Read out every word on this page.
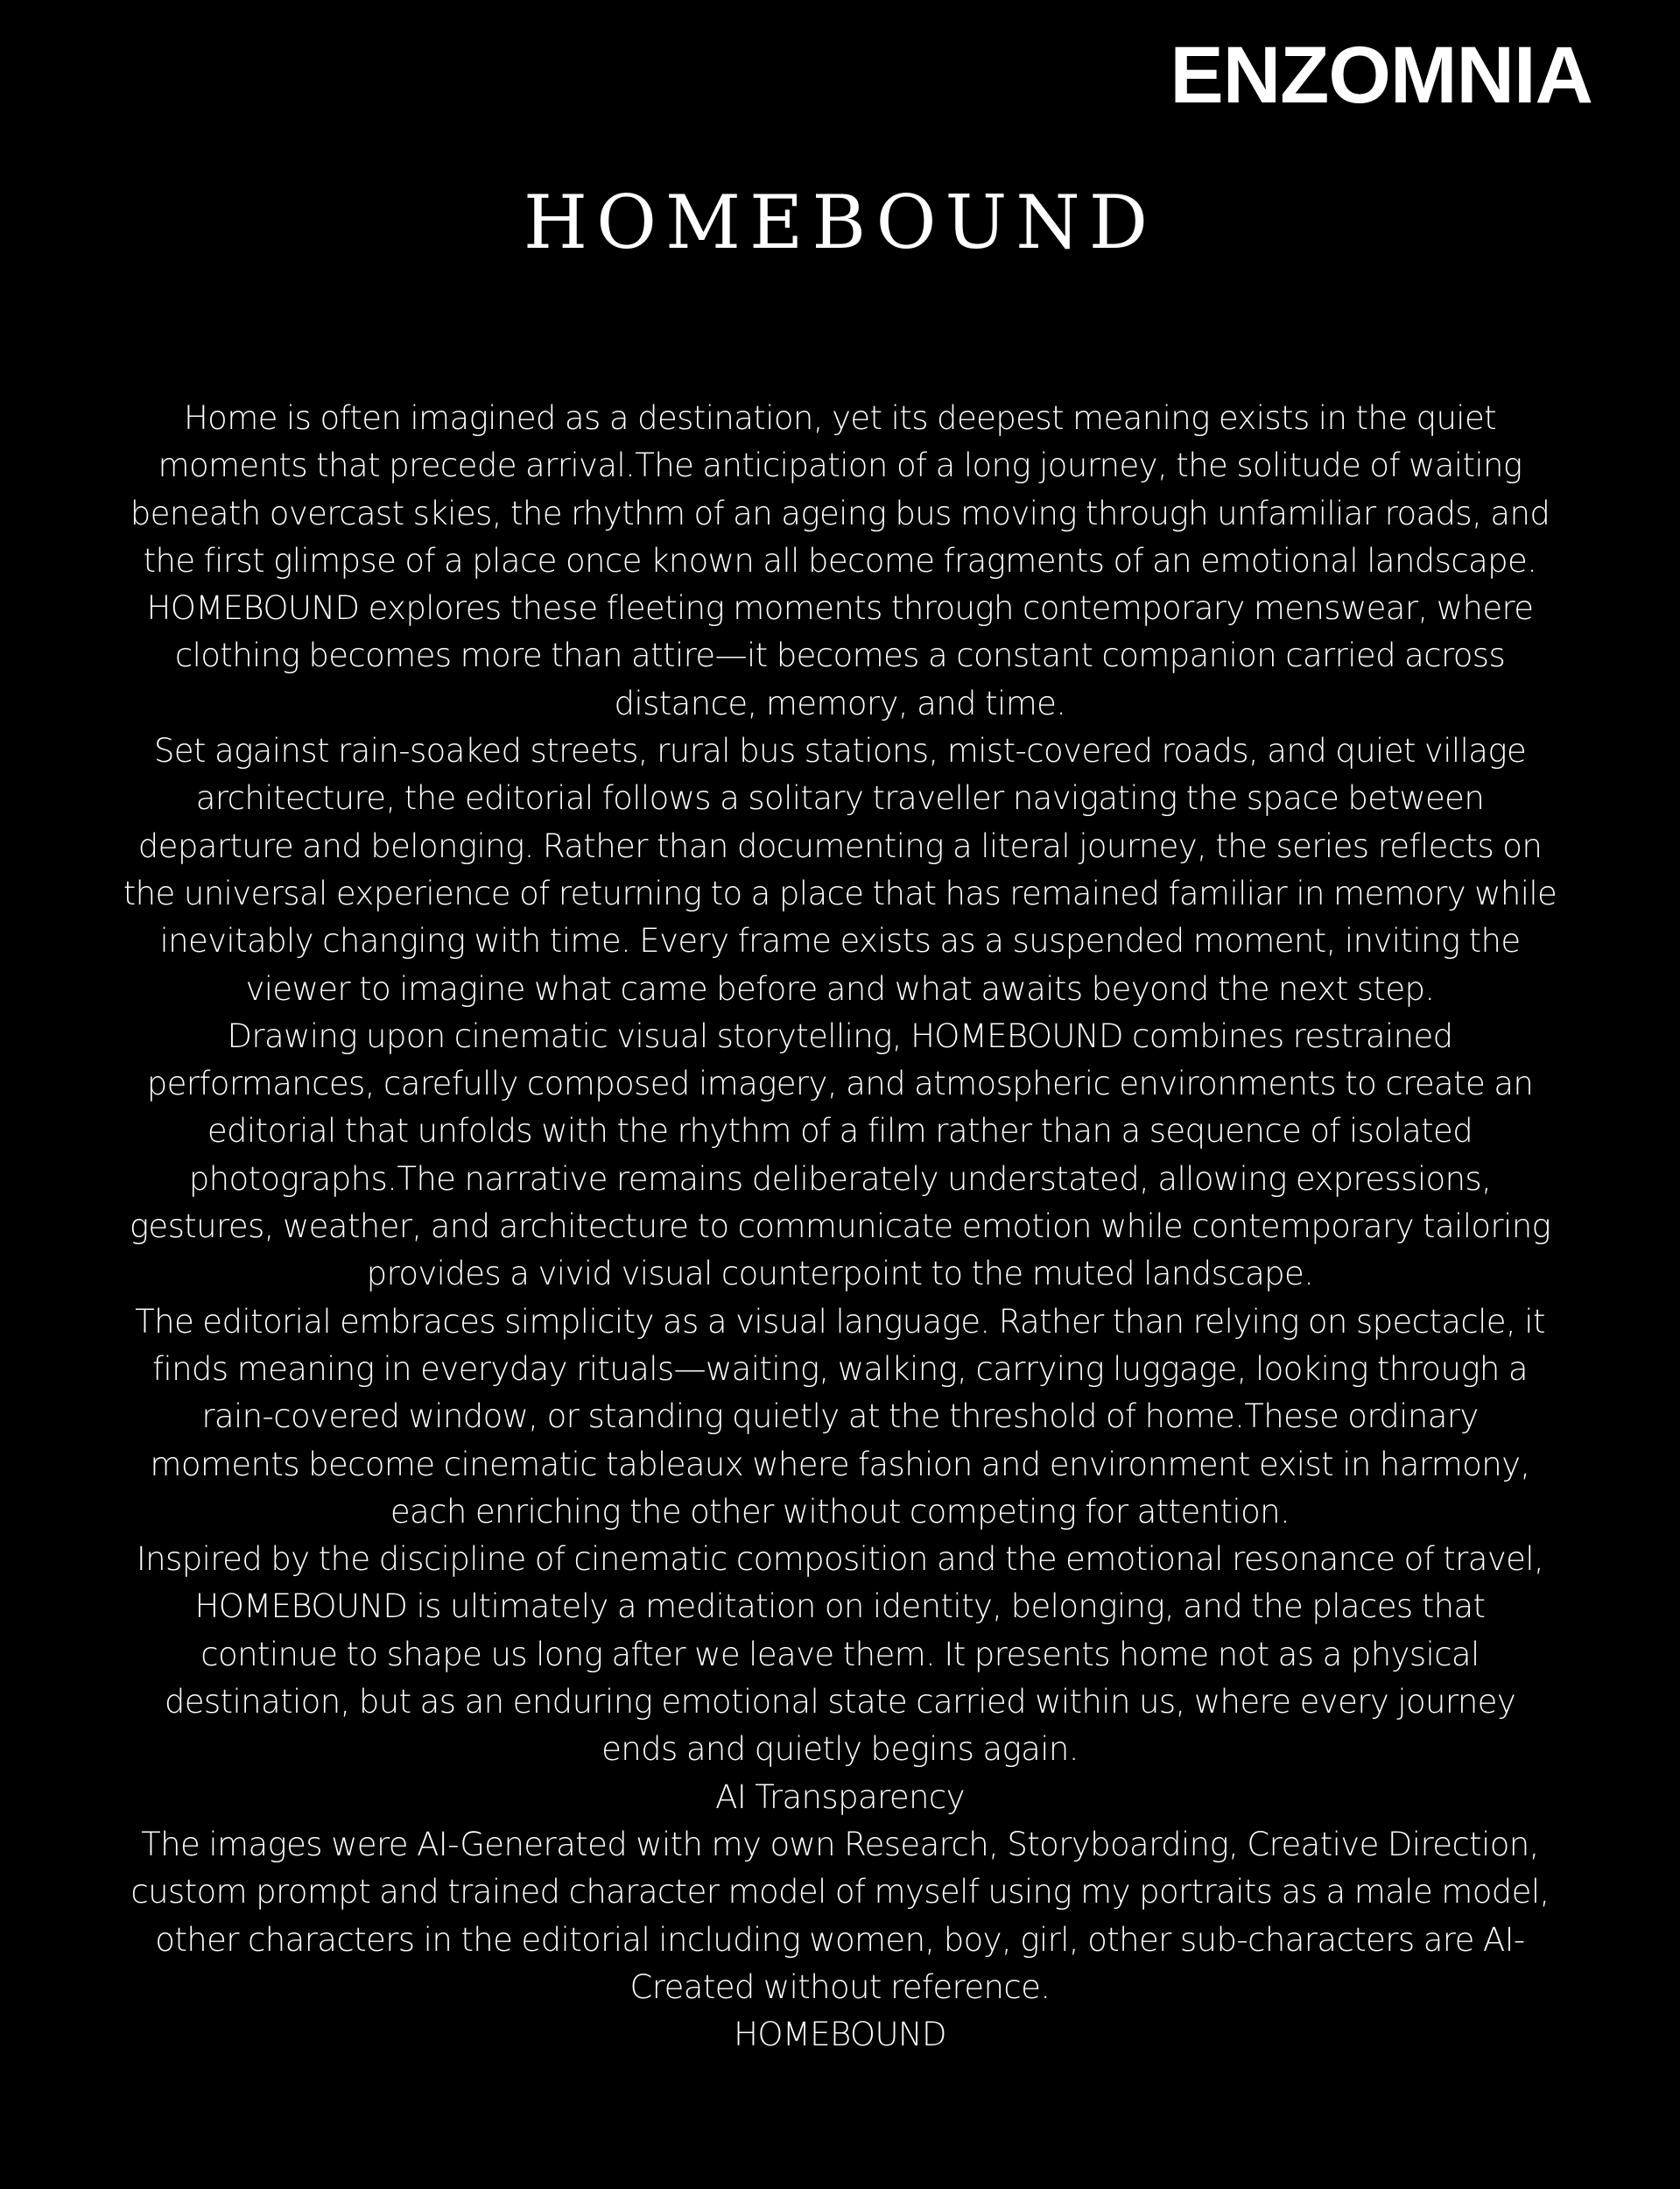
ENZOMNIA
HOMEBOUND

Home is often imagined as a destination, yet its deepest meaning exists in the quiet moments that precede arrival.The anticipation of a long journey, the solitude of waiting beneath overcast skies, the rhythm of an ageing bus moving through unfamiliar roads, and the first glimpse of a place once known all become fragments of an emotional landscape. HOMEBOUND explores these fleeting moments through contemporary menswear, where clothing becomes more than attire—it becomes a constant companion carried across distance, memory, and time.

Set against rain-soaked streets, rural bus stations, mist-covered roads, and quiet village architecture, the editorial follows a solitary traveller navigating the space between departure and belonging. Rather than documenting a literal journey, the series reflects on the universal experience of returning to a place that has remained familiar in memory while inevitably changing with time. Every frame exists as a suspended moment, inviting the viewer to imagine what came before and what awaits beyond the next step.

Drawing upon cinematic visual storytelling, HOMEBOUND combines restrained performances, carefully composed imagery, and atmospheric environments to create an editorial that unfolds with the rhythm of a film rather than a sequence of isolated photographs.The narrative remains deliberately understated, allowing expressions, gestures, weather, and architecture to communicate emotion while contemporary tailoring provides a vivid visual counterpoint to the muted landscape.

The editorial embraces simplicity as a visual language. Rather than relying on spectacle, it finds meaning in everyday rituals—waiting, walking, carrying luggage, looking through a rain-covered window, or standing quietly at the threshold of home.These ordinary moments become cinematic tableaux where fashion and environment exist in harmony, each enriching the other without competing for attention.

Inspired by the discipline of cinematic composition and the emotional resonance of travel, HOMEBOUND is ultimately a meditation on identity, belonging, and the places that continue to shape us long after we leave them. It presents home not as a physical destination, but as an enduring emotional state carried within us, where every journey ends and quietly begins again.

AI Transparency

The images were AI-Generated with my own Research, Storyboarding, Creative Direction, custom prompt and trained character model of myself using my portraits as a male model, other characters in the editorial including women, boy, girl, other sub-characters are AI-Created without reference.

HOMEBOUND
